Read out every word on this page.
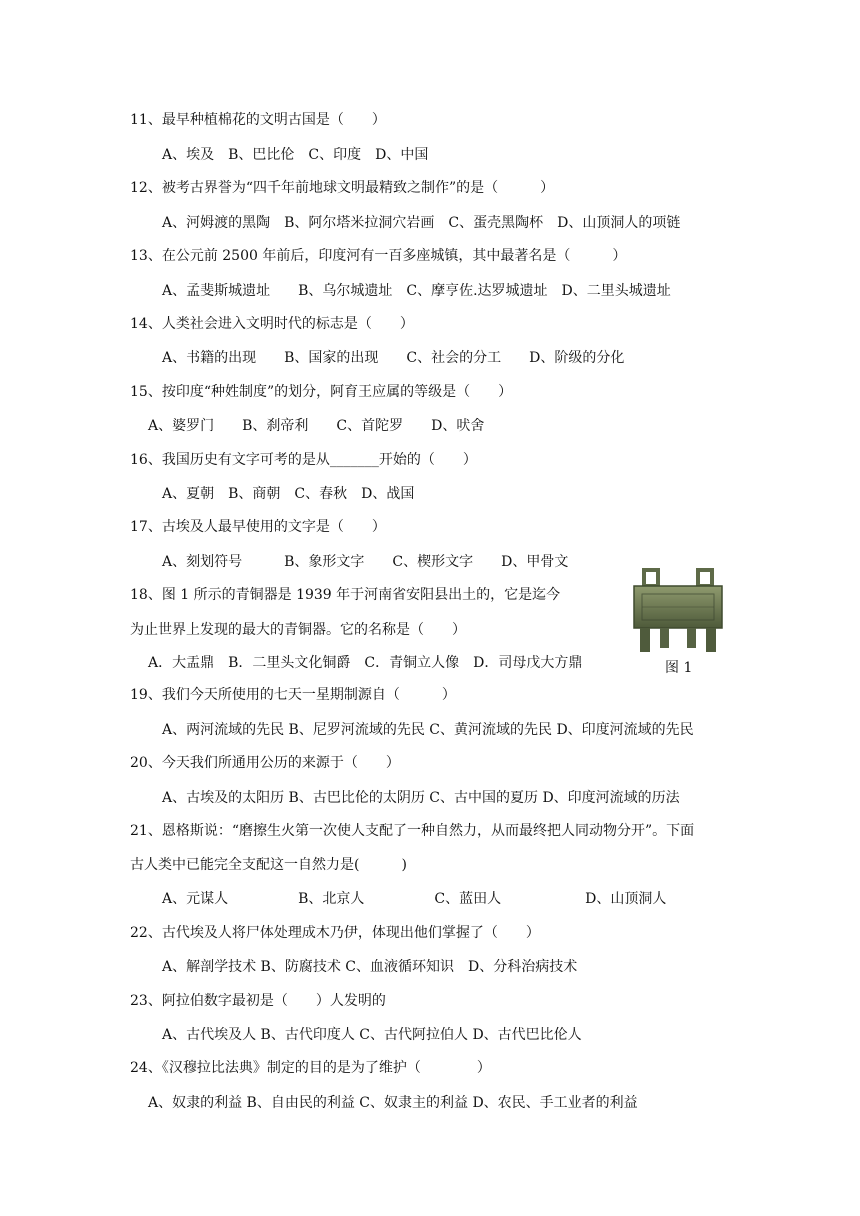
11、最早种植棉花的文明古国是（　　）
　A、埃及　B、巴比伦　C、印度　D、中国
12、被考古界誉为“四千年前地球文明最精致之制作”的是（　　　）
　A、河姆渡的黑陶　B、阿尔塔米拉洞穴岩画　C、蛋壳黑陶杯　D、山顶洞人的项链
13、在公元前 2500 年前后，印度河有一百多座城镇，其中最著名是（　　　）
　A、孟斐斯城遗址　　B、乌尔城遗址　C、摩亨佐.达罗城遗址　D、二里头城遗址
14、人类社会进入文明时代的标志是（　　）
　A、书籍的出现　　B、国家的出现　　C、社会的分工　　D、阶级的分化
15、按印度“种姓制度”的划分，阿育王应属的等级是（　　）
A、婆罗门　　B、刹帝利　　C、首陀罗　　D、吠舍
16、我国历史有文字可考的是从_______开始的（　　）
　A、夏朝　B、商朝　C、春秋　D、战国
17、古埃及人最早使用的文字是（　　）
　A、刻划符号　　　B、象形文字　　C、楔形文字　　D、甲骨文
18、图 1 所示的青铜器是 1939 年于河南省安阳县出土的，它是迄今
为止世界上发现的最大的青铜器。它的名称是（　　）
A．大盂鼎　B．二里头文化铜爵　C．青铜立人像　D．司母戊大方鼎	图 1
19、我们今天所使用的七天一星期制源自（　　　）
　A、两河流域的先民 B、尼罗河流域的先民 C、黄河流域的先民 D、印度河流域的先民
20、今天我们所通用公历的来源于（　　）
　A、古埃及的太阳历 B、古巴比伦的太阴历 C、古中国的夏历 D、印度河流域的历法
21、恩格斯说：“磨擦生火第一次使人支配了一种自然力，从而最终把人同动物分开”。下面
古人类中已能完全支配这一自然力是(　　　)
　A、元谋人　　　　　B、北京人　　　　　C、蓝田人　　　　　　D、山顶洞人
22、古代埃及人将尸体处理成木乃伊，体现出他们掌握了（　　）
　A、解剖学技术 B、防腐技术 C、血液循环知识　D、分科治病技术
23、阿拉伯数字最初是（　　）人发明的
　A、古代埃及人 B、古代印度人 C、古代阿拉伯人 D、古代巴比伦人
24、《汉穆拉比法典》制定的目的是为了维护（　　　　）
A、奴隶的利益 B、自由民的利益 C、奴隶主的利益 D、农民、手工业者的利益
